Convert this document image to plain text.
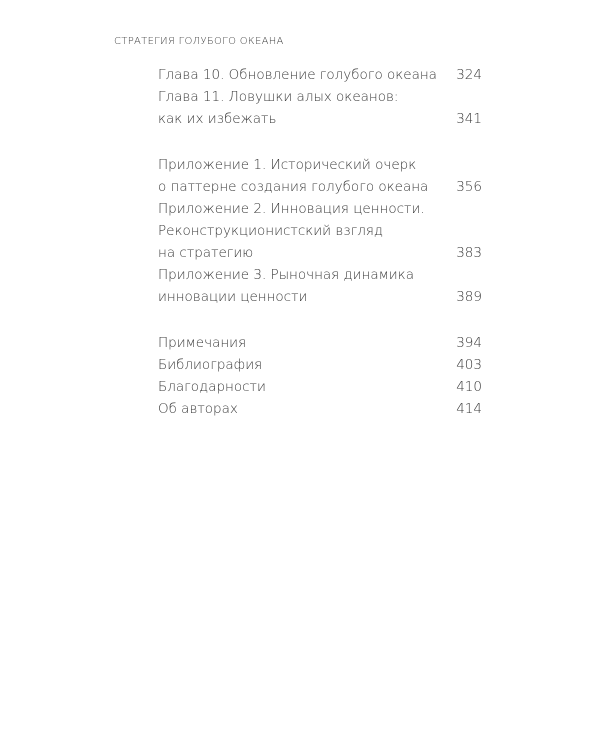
СТРАТЕГИЯ ГОЛУБОГО ОКЕАНА
Глава 10. Обновление голубого океана	324
Глава 11. Ловушки алых океанов:
как их избежать	341
Приложение 1. Исторический очерк
о паттерне создания голубого океана	356
Приложение 2. Инновация ценности.
Реконструкционистский взгляд
на стратегию	383
Приложение 3. Рыночная динамика
инновации ценности	389
Примечания	394
Библиография	403
Благодарности	410
Об авторах	414
